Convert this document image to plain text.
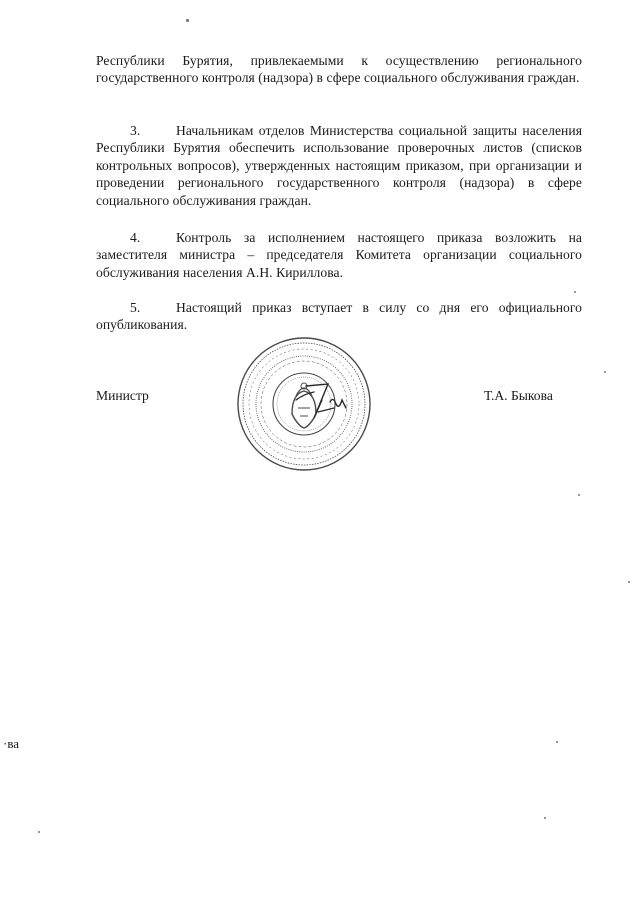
Республики Бурятия, привлекаемыми к осуществлению регионального государственного контроля (надзора) в сфере социального обслуживания граждан.
3.	Начальникам отделов Министерства социальной защиты населения Республики Бурятия обеспечить использование проверочных листов (списков контрольных вопросов), утвержденных настоящим приказом, при организации и проведении регионального государственного контроля (надзора) в сфере социального обслуживания граждан.
4.	Контроль за исполнением настоящего приказа возложить на заместителя министра – председателя Комитета организации социального обслуживания населения А.Н. Кириллова.
5.	Настоящий приказ вступает в силу со дня его официального опубликования.
Министр	Т.А. Быкова
·ва
